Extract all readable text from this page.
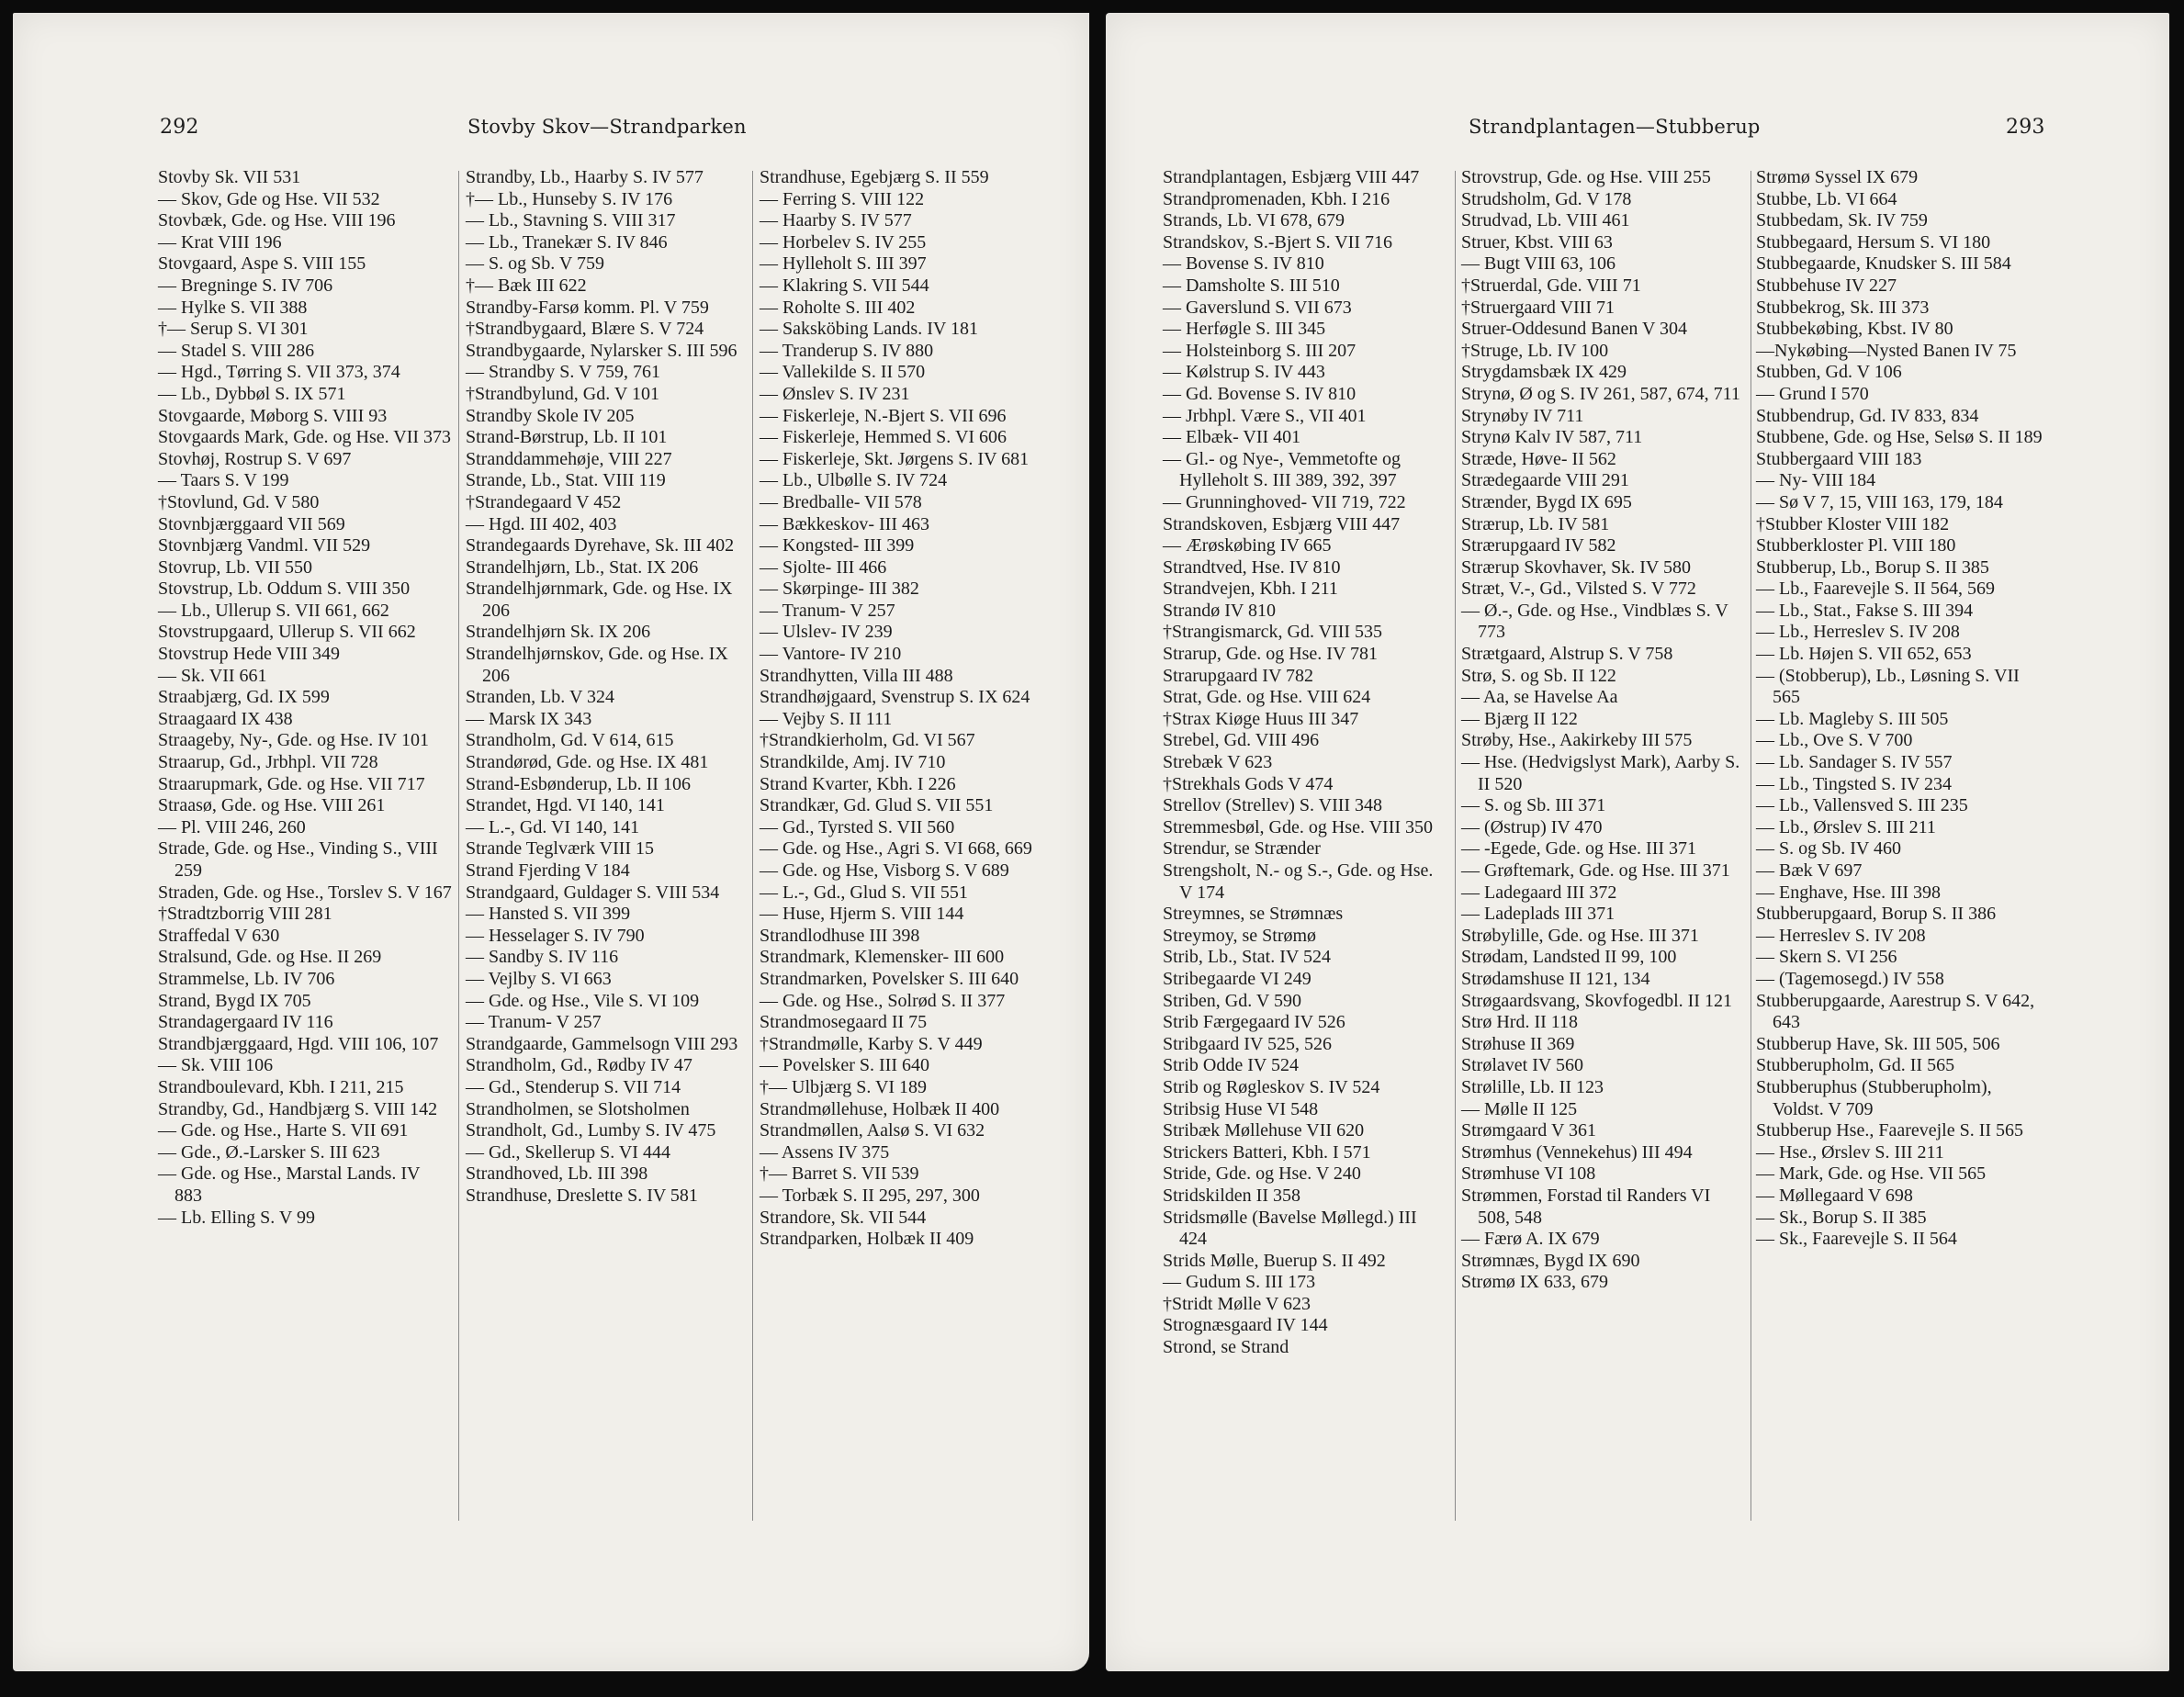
292	Stovby Skov—Strandparken

Stovby Sk. VII 531

— Skov, Gde og Hse. VII 532

Stovbæk, Gde. og Hse. VIII 196

— Krat VIII 196

Stovgaard, Aspe S. VIII 155

— Bregninge S. IV 706

— Hylke S. VII 388

†— Serup S. VI 301

— Stadel S. VIII 286

— Hgd., Tørring S. VII 373, 374

— Lb., Dybbøl S. IX 571

Stovgaarde, Møborg S. VIII 93

Stovgaards Mark, Gde. og Hse. VII 373

Stovhøj, Rostrup S. V 697

— Taars S. V 199

†Stovlund, Gd. V 580

Stovnbjærggaard VII 569

Stovnbjærg Vandml. VII 529

Stovrup, Lb. VII 550

Stovstrup, Lb. Oddum S. VIII 350

— Lb., Ullerup S. VII 661, 662

Stovstrupgaard, Ullerup S. VII 662

Stovstrup Hede VIII 349

— Sk. VII 661

Straabjærg, Gd. IX 599

Straagaard IX 438

Straageby, Ny-, Gde. og Hse. IV 101

Straarup, Gd., Jrbhpl. VII 728

Straarupmark, Gde. og Hse. VII 717

Straasø, Gde. og Hse. VIII 261

— Pl. VIII 246, 260

Strade, Gde. og Hse., Vinding S., VIII 259

Straden, Gde. og Hse., Torslev S. V 167

†Stradtzborrig VIII 281

Straffedal V 630

Stralsund, Gde. og Hse. II 269

Strammelse, Lb. IV 706

Strand, Bygd IX 705

Strandagergaard IV 116

Strandbjærggaard, Hgd. VIII 106, 107

— Sk. VIII 106

Strandboulevard, Kbh. I 211, 215

Strandby, Gd., Handbjærg S. VIII 142

— Gde. og Hse., Harte S. VII 691

— Gde., Ø.-Larsker S. III 623

— Gde. og Hse., Marstal Lands. IV 883

— Lb. Elling S. V 99

Strandby, Lb., Haarby S. IV 577

†— Lb., Hunseby S. IV 176

— Lb., Stavning S. VIII 317

— Lb., Tranekær S. IV 846

— S. og Sb. V 759

†— Bæk III 622

Strandby-Farsø komm. Pl. V 759

†Strandbygaard, Blære S. V 724

Strandbygaarde, Nylarsker S. III 596

— Strandby S. V 759, 761

†Strandbylund, Gd. V 101

Strandby Skole IV 205

Strand-Børstrup, Lb. II 101

Stranddammehøje, VIII 227

Strande, Lb., Stat. VIII 119

†Strandegaard V 452

— Hgd. III 402, 403

Strandegaards Dyrehave, Sk. III 402

Strandelhjørn, Lb., Stat. IX 206

Strandelhjørnmark, Gde. og Hse. IX 206

Strandelhjørn Sk. IX 206

Strandelhjørnskov, Gde. og Hse. IX 206

Stranden, Lb. V 324

— Marsk IX 343

Strandholm, Gd. V 614, 615

Strandørød, Gde. og Hse. IX 481

Strand-Esbønderup, Lb. II 106

Strandet, Hgd. VI 140, 141

— L.-, Gd. VI 140, 141

Strande Teglværk VIII 15

Strand Fjerding V 184

Strandgaard, Guldager S. VIII 534

— Hansted S. VII 399

— Hesselager S. IV 790

— Sandby S. IV 116

— Vejlby S. VI 663

— Gde. og Hse., Vile S. VI 109

— Tranum- V 257

Strandgaarde, Gammelsogn VIII 293

Strandholm, Gd., Rødby IV 47

— Gd., Stenderup S. VII 714

Strandholmen, se Slotsholmen

Strandholt, Gd., Lumby S. IV 475

— Gd., Skellerup S. VI 444

Strandhoved, Lb. III 398

Strandhuse, Dreslette S. IV 581

Strandhuse, Egebjærg S. II 559

— Ferring S. VIII 122

— Haarby S. IV 577

— Horbelev S. IV 255

— Hylleholt S. III 397

— Klakring S. VII 544

— Roholte S. III 402

— Saksköbing Lands. IV 181

— Tranderup S. IV 880

— Vallekilde S. II 570

— Ønslev S. IV 231

— Fiskerleje, N.-Bjert S. VII 696

— Fiskerleje, Hemmed S. VI 606

— Fiskerleje, Skt. Jørgens S. IV 681

— Lb., Ulbølle S. IV 724

— Bredballe- VII 578

— Bækkeskov- III 463

— Kongsted- III 399

— Sjolte- III 466

— Skørpinge- III 382

— Tranum- V 257

— Ulslev- IV 239

— Vantore- IV 210

Strandhytten, Villa III 488

Strandhøjgaard, Svenstrup S. IX 624

— Vejby S. II 111

†Strandkierholm, Gd. VI 567

Strandkilde, Amj. IV 710

Strand Kvarter, Kbh. I 226

Strandkær, Gd. Glud S. VII 551

— Gd., Tyrsted S. VII 560

— Gde. og Hse., Agri S. VI 668, 669

— Gde. og Hse, Visborg S. V 689

— L.-, Gd., Glud S. VII 551

— Huse, Hjerm S. VIII 144

Strandlodhuse III 398

Strandmark, Klemensker- III 600

Strandmarken, Povelsker S. III 640

— Gde. og Hse., Solrød S. II 377

Strandmosegaard II 75

†Strandmølle, Karby S. V 449

— Povelsker S. III 640

†— Ulbjærg S. VI 189

Strandmøllehuse, Holbæk II 400

Strandmøllen, Aalsø S. VI 632

— Assens IV 375

†— Barret S. VII 539

— Torbæk S. II 295, 297, 300

Strandore, Sk. VII 544

Strandparken, Holbæk II 409

Strandplantagen—Stubberup	293

Strandplantagen, Esbjærg VIII 447

Strandpromenaden, Kbh. I 216

Strands, Lb. VI 678, 679

Strandskov, S.-Bjert S. VII 716

— Bovense S. IV 810

— Damsholte S. III 510

— Gaverslund S. VII 673

— Herføgle S. III 345

— Holsteinborg S. III 207

— Kølstrup S. IV 443

— Gd. Bovense S. IV 810

— Jrbhpl. Være S., VII 401

— Elbæk- VII 401

— Gl.- og Nye-, Vemmetofte og Hylleholt S. III 389, 392, 397

— Grunninghoved- VII 719, 722

Strandskoven, Esbjærg VIII 447

— Ærøskøbing IV 665

Strandtved, Hse. IV 810

Strandvejen, Kbh. I 211

Strandø IV 810

†Strangismarck, Gd. VIII 535

Strarup, Gde. og Hse. IV 781

Strarupgaard IV 782

Strat, Gde. og Hse. VIII 624

†Strax Kiøge Huus III 347

Strebel, Gd. VIII 496

Strebæk V 623

†Strekhals Gods V 474

Strellov (Strellev) S. VIII 348

Stremmesbøl, Gde. og Hse. VIII 350

Strendur, se Strænder

Strengsholt, N.- og S.-, Gde. og Hse. V 174

Streymnes, se Strømnæs

Streymoy, se Strømø

Strib, Lb., Stat. IV 524

Stribegaarde VI 249

Striben, Gd. V 590

Strib Færgegaard IV 526

Stribgaard IV 525, 526

Strib Odde IV 524

Strib og Røgleskov S. IV 524

Stribsig Huse VI 548

Stribæk Møllehuse VII 620

Strickers Batteri, Kbh. I 571

Stride, Gde. og Hse. V 240

Stridskilden II 358

Stridsmølle (Bavelse Møllegd.) III 424

Strids Mølle, Buerup S. II 492

— Gudum S. III 173

†Stridt Mølle V 623

Strognæsgaard IV 144

Strond, se Strand

Strovstrup, Gde. og Hse. VIII 255

Strudsholm, Gd. V 178

Strudvad, Lb. VIII 461

Struer, Kbst. VIII 63

— Bugt VIII 63, 106

†Struerdal, Gde. VIII 71

†Struergaard VIII 71

Struer-Oddesund Banen V 304

†Struge, Lb. IV 100

Strygdamsbæk IX 429

Strynø, Ø og S. IV 261, 587, 674, 711

Strynøby IV 711

Strynø Kalv IV 587, 711

Stræde, Høve- II 562

Strædegaarde VIII 291

Strænder, Bygd IX 695

Strærup, Lb. IV 581

Strærupgaard IV 582

Strærup Skovhaver, Sk. IV 580

Stræt, V.-, Gd., Vilsted S. V 772

— Ø.-, Gde. og Hse., Vindblæs S. V 773

Strætgaard, Alstrup S. V 758

Strø, S. og Sb. II 122

— Aa, se Havelse Aa

— Bjærg II 122

Strøby, Hse., Aakirkeby III 575

— Hse. (Hedvigslyst Mark), Aarby S. II 520

— S. og Sb. III 371

— (Østrup) IV 470

— -Egede, Gde. og Hse. III 371

— Grøftemark, Gde. og Hse. III 371

— Ladegaard III 372

— Ladeplads III 371

Strøbylille, Gde. og Hse. III 371

Strødam, Landsted II 99, 100

Strødamshuse II 121, 134

Strøgaardsvang, Skovfogedbl. II 121

Strø Hrd. II 118

Strøhuse II 369

Strølavet IV 560

Strølille, Lb. II 123

— Mølle II 125

Strømgaard V 361

Strømhus (Vennekehus) III 494

Strømhuse VI 108

Strømmen, Forstad til Randers VI 508, 548

— Færø A. IX 679

Strømnæs, Bygd IX 690

Strømø IX 633, 679

Strømø Syssel IX 679

Stubbe, Lb. VI 664

Stubbedam, Sk. IV 759

Stubbegaard, Hersum S. VI 180

Stubbegaarde, Knudsker S. III 584

Stubbehuse IV 227

Stubbekrog, Sk. III 373

Stubbekøbing, Kbst. IV 80

—Nykøbing—Nysted Banen IV 75

Stubben, Gd. V 106

— Grund I 570

Stubbendrup, Gd. IV 833, 834

Stubbene, Gde. og Hse, Selsø S. II 189

Stubbergaard VIII 183

— Ny- VIII 184

— Sø V 7, 15, VIII 163, 179, 184

†Stubber Kloster VIII 182

Stubberkloster Pl. VIII 180

Stubberup, Lb., Borup S. II 385

— Lb., Faarevejle S. II 564, 569

— Lb., Stat., Fakse S. III 394

— Lb., Herreslev S. IV 208

— Lb. Højen S. VII 652, 653

— (Stobberup), Lb., Løsning S. VII 565

— Lb. Magleby S. III 505

— Lb., Ove S. V 700

— Lb. Sandager S. IV 557

— Lb., Tingsted S. IV 234

— Lb., Vallensved S. III 235

— Lb., Ørslev S. III 211

— S. og Sb. IV 460

— Bæk V 697

— Enghave, Hse. III 398

Stubberupgaard, Borup S. II 386

— Herreslev S. IV 208

— Skern S. VI 256

— (Tagemosegd.) IV 558

Stubberupgaarde, Aarestrup S. V 642, 643

Stubberup Have, Sk. III 505, 506

Stubberupholm, Gd. II 565

Stubberuphus (Stubberupholm), Voldst. V 709

Stubberup Hse., Faarevejle S. II 565

— Hse., Ørslev S. III 211

— Mark, Gde. og Hse. VII 565

— Møllegaard V 698

— Sk., Borup S. II 385

— Sk., Faarevejle S. II 564
